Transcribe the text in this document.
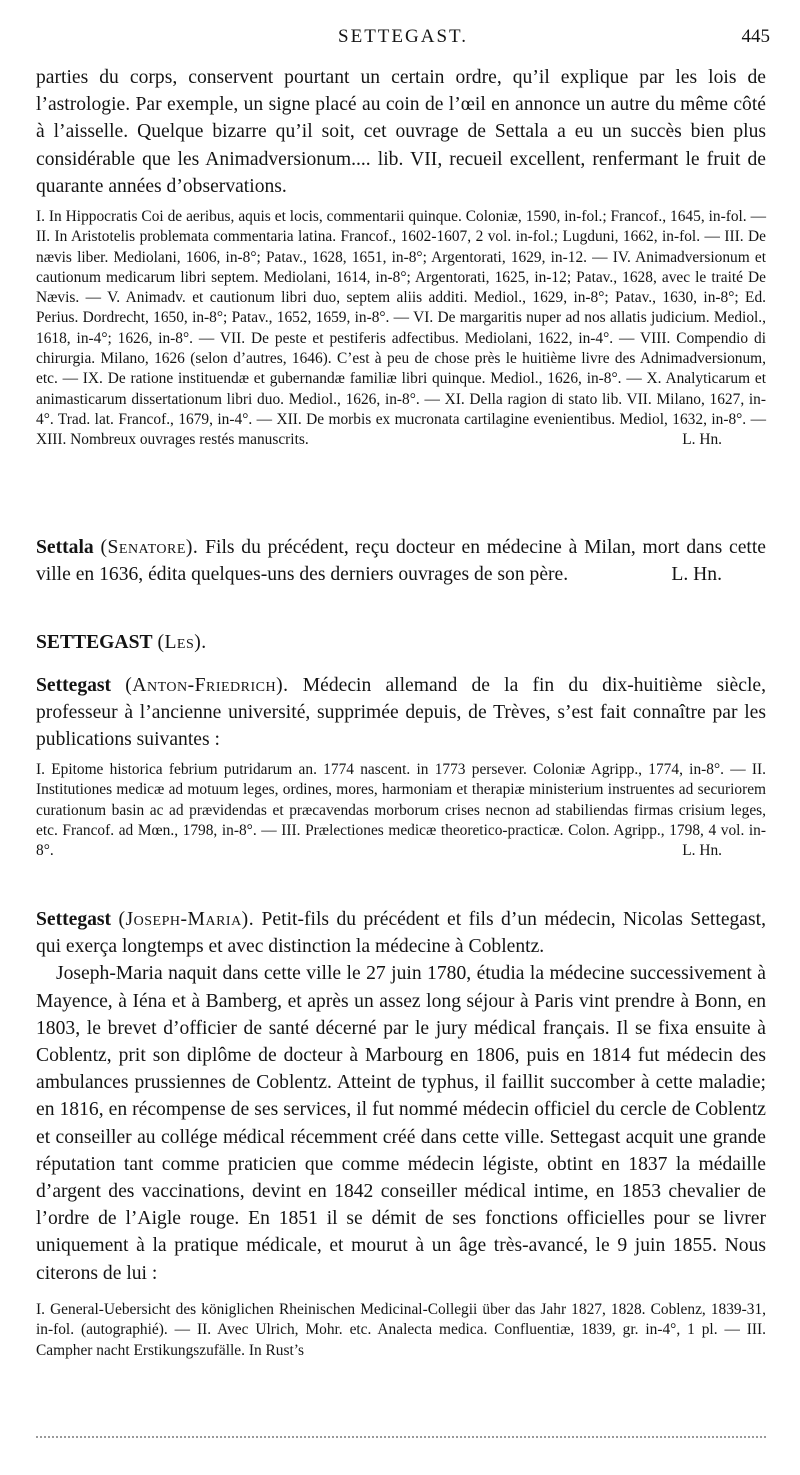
SETTEGAST.	445
parties du corps, conservent pourtant un certain ordre, qu’il explique par les lois de l’astrologie. Par exemple, un signe placé au coin de l’œil en annonce un autre du même côté à l’aisselle. Quelque bizarre qu’il soit, cet ouvrage de Settala a eu un succès bien plus considérable que les Animadversionum.... lib. VII, recueil excellent, renfermant le fruit de quarante années d’observations.
I. In Hippocratis Coi de aeribus, aquis et locis, commentarii quinque. Coloniæ, 1590, in-fol.; Francof., 1645, in-fol. — II. In Aristotelis problemata commentaria latina. Francof., 1602-1607, 2 vol. in-fol.; Lugduni, 1662, in-fol. — III. De nævis liber. Mediolani, 1606, in-8°; Patav., 1628, 1651, in-8°; Argentorati, 1629, in-12. — IV. Animadversionum et cautionum medicarum libri septem. Mediolani, 1614, in-8°; Argentorati, 1625, in-12; Patav., 1628, avec le traité De Nævis. — V. Animadv. et cautionum libri duo, septem aliis additi. Mediol., 1629, in-8°; Patav., 1630, in-8°; Ed. Perius. Dordrecht, 1650, in-8°; Patav., 1652, 1659, in-8°. — VI. De margaritis nuper ad nos allatis judicium. Mediol., 1618, in-4°; 1626, in-8°. — VII. De peste et pestiferis adfectibus. Mediolani, 1622, in-4°. — VIII. Compendio di chirurgia. Milano, 1626 (selon d’autres, 1646). C’est à peu de chose près le huitième livre des Adnimadversionum, etc. — IX. De ratione instituendæ et gubernandæ familiæ libri quinque. Mediol., 1626, in-8°. — X. Analyticarum et animasticarum dissertationum libri duo. Mediol., 1626, in-8°. — XI. Della ragion di stato lib. VII. Milano, 1627, in-4°. Trad. lat. Francof., 1679, in-4°. — XII. De morbis ex mucronata cartilagine evenientibus. Mediol, 1632, in-8°. — XIII. Nombreux ouvrages restés manuscrits.	L. Hn.
Settala (Senatore). Fils du précédent, reçu docteur en médecine à Milan, mort dans cette ville en 1636, édita quelques-uns des derniers ouvrages de son père.	L. Hn.
SETTEGAST (Les).
Settegast (Anton-Friedrich). Médecin allemand de la fin du dix-huitième siècle, professeur à l’ancienne université, supprimée depuis, de Trèves, s’est fait connaître par les publications suivantes :
I. Epitome historica febrium putridarum an. 1774 nascent. in 1773 persever. Coloniæ Agripp., 1774, in-8°. — II. Institutiones medicæ ad motuum leges, ordines, mores, harmoniam et therapiæ ministerium instruentes ad securiorem curationum basin ac ad prævidendas et præcavendas morborum crises necnon ad stabiliendas firmas crisium leges, etc. Francof. ad Mœn., 1798, in-8°. — III. Prælectiones medicæ theoretico-practicæ. Colon. Agripp., 1798, 4 vol. in-8°.	L. Hn.
Settegast (Joseph-Maria). Petit-fils du précédent et fils d’un médecin, Nicolas Settegast, qui exerça longtemps et avec distinction la médecine à Coblentz.
Joseph-Maria naquit dans cette ville le 27 juin 1780, étudia la médecine successivement à Mayence, à Iéna et à Bamberg, et après un assez long séjour à Paris vint prendre à Bonn, en 1803, le brevet d’officier de santé décerné par le jury médical français. Il se fixa ensuite à Coblentz, prit son diplôme de docteur à Marbourg en 1806, puis en 1814 fut médecin des ambulances prussiennes de Coblentz. Atteint de typhus, il faillit succomber à cette maladie; en 1816, en récompense de ses services, il fut nommé médecin officiel du cercle de Coblentz et conseiller au collége médical récemment créé dans cette ville. Settegast acquit une grande réputation tant comme praticien que comme médecin légiste, obtint en 1837 la médaille d’argent des vaccinations, devint en 1842 conseiller médical intime, en 1853 chevalier de l’ordre de l’Aigle rouge. En 1851 il se démit de ses fonctions officielles pour se livrer uniquement à la pratique médicale, et mourut à un âge très-avancé, le 9 juin 1855. Nous citerons de lui :
I. General-Uebersicht des königlichen Rheinischen Medicinal-Collegii über das Jahr 1827, 1828. Coblenz, 1839-31, in-fol. (autographié). — II. Avec Ulrich, Mohr. etc. Analecta medica. Confluentiæ, 1839, gr. in-4°, 1 pl. — III. Campher nacht Erstikungszufälle. In Rust’s
